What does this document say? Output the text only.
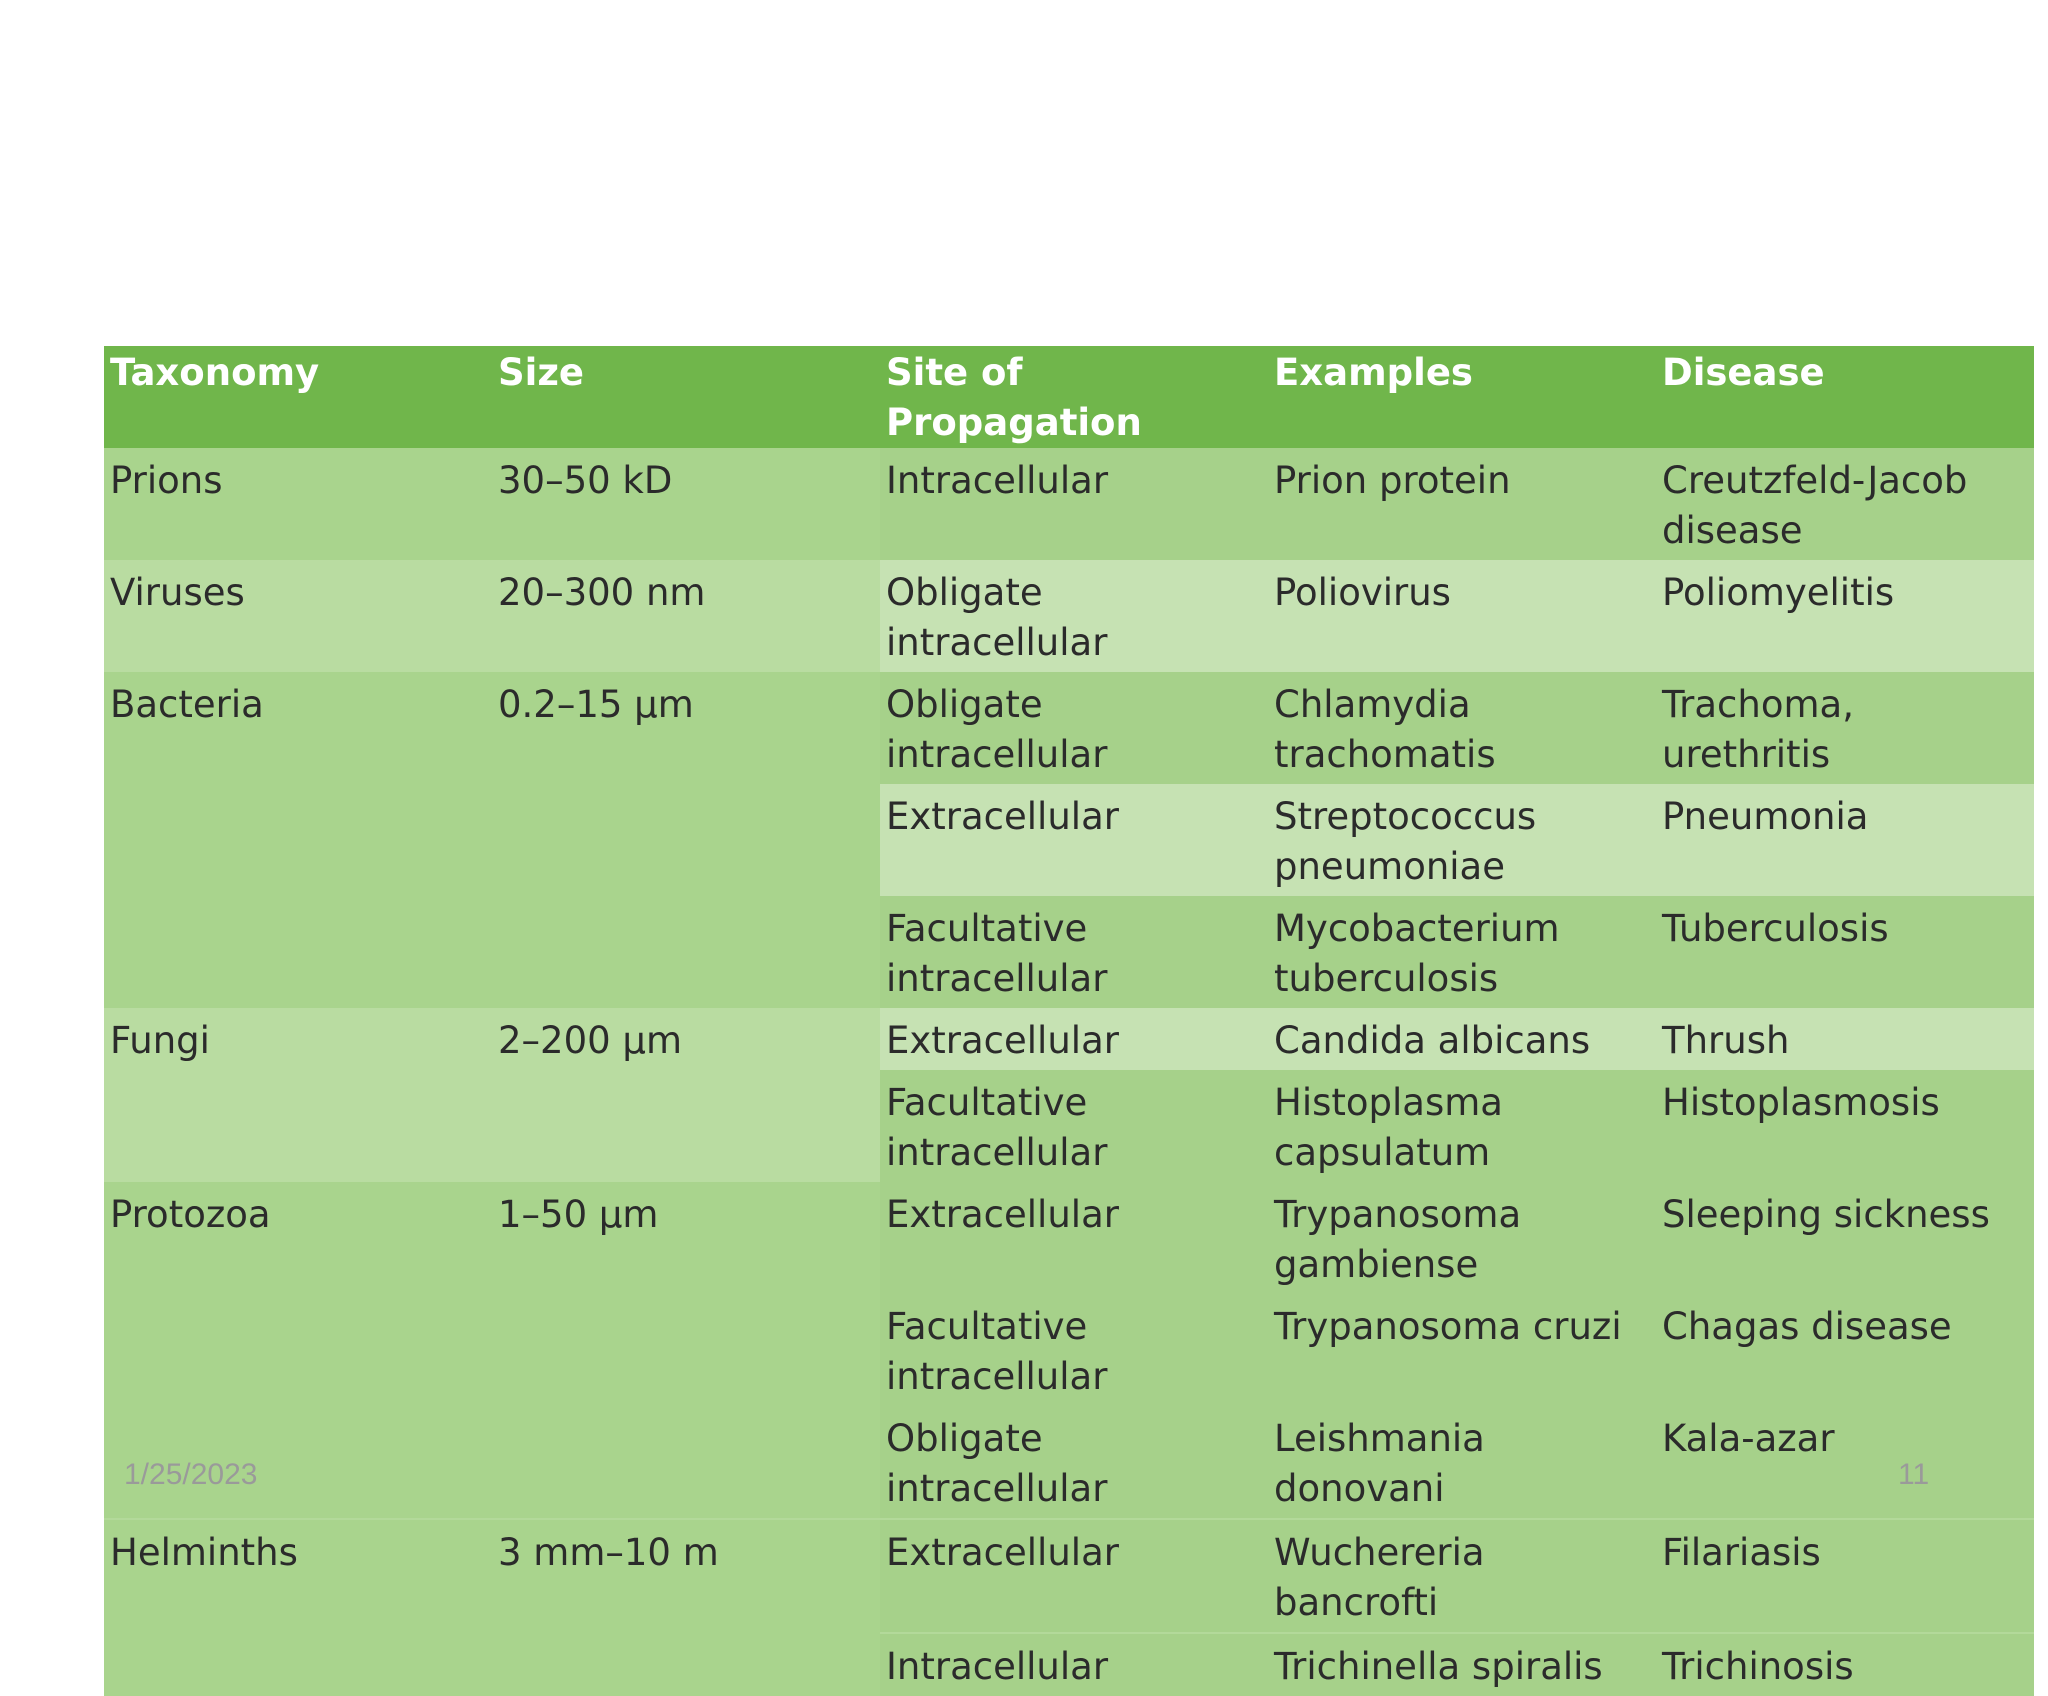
Taxonomy	Size	Site of Propagation	Examples	Disease
Prions	30–50 kD	Intracellular	Prion protein	Creutzfeld-Jacob disease
Viruses	20–300 nm	Obligate intracellular	Poliovirus	Poliomyelitis
Bacteria	0.2–15 µm	Obligate intracellular	Chlamydia trachomatis	Trachoma, urethritis
		Extracellular	Streptococcus pneumoniae	Pneumonia
		Facultative intracellular	Mycobacterium tuberculosis	Tuberculosis
Fungi	2–200 µm	Extracellular	Candida albicans	Thrush
		Facultative intracellular	Histoplasma capsulatum	Histoplasmosis
Protozoa	1–50 µm	Extracellular	Trypanosoma gambiense	Sleeping sickness
		Facultative intracellular	Trypanosoma cruzi	Chagas disease
		Obligate intracellular	Leishmania donovani	Kala-azar
Helminths	3 mm–10 m	Extracellular	Wuchereria bancrofti	Filariasis
		Intracellular	Trichinella spiralis	Trichinosis
1/25/2023	11
